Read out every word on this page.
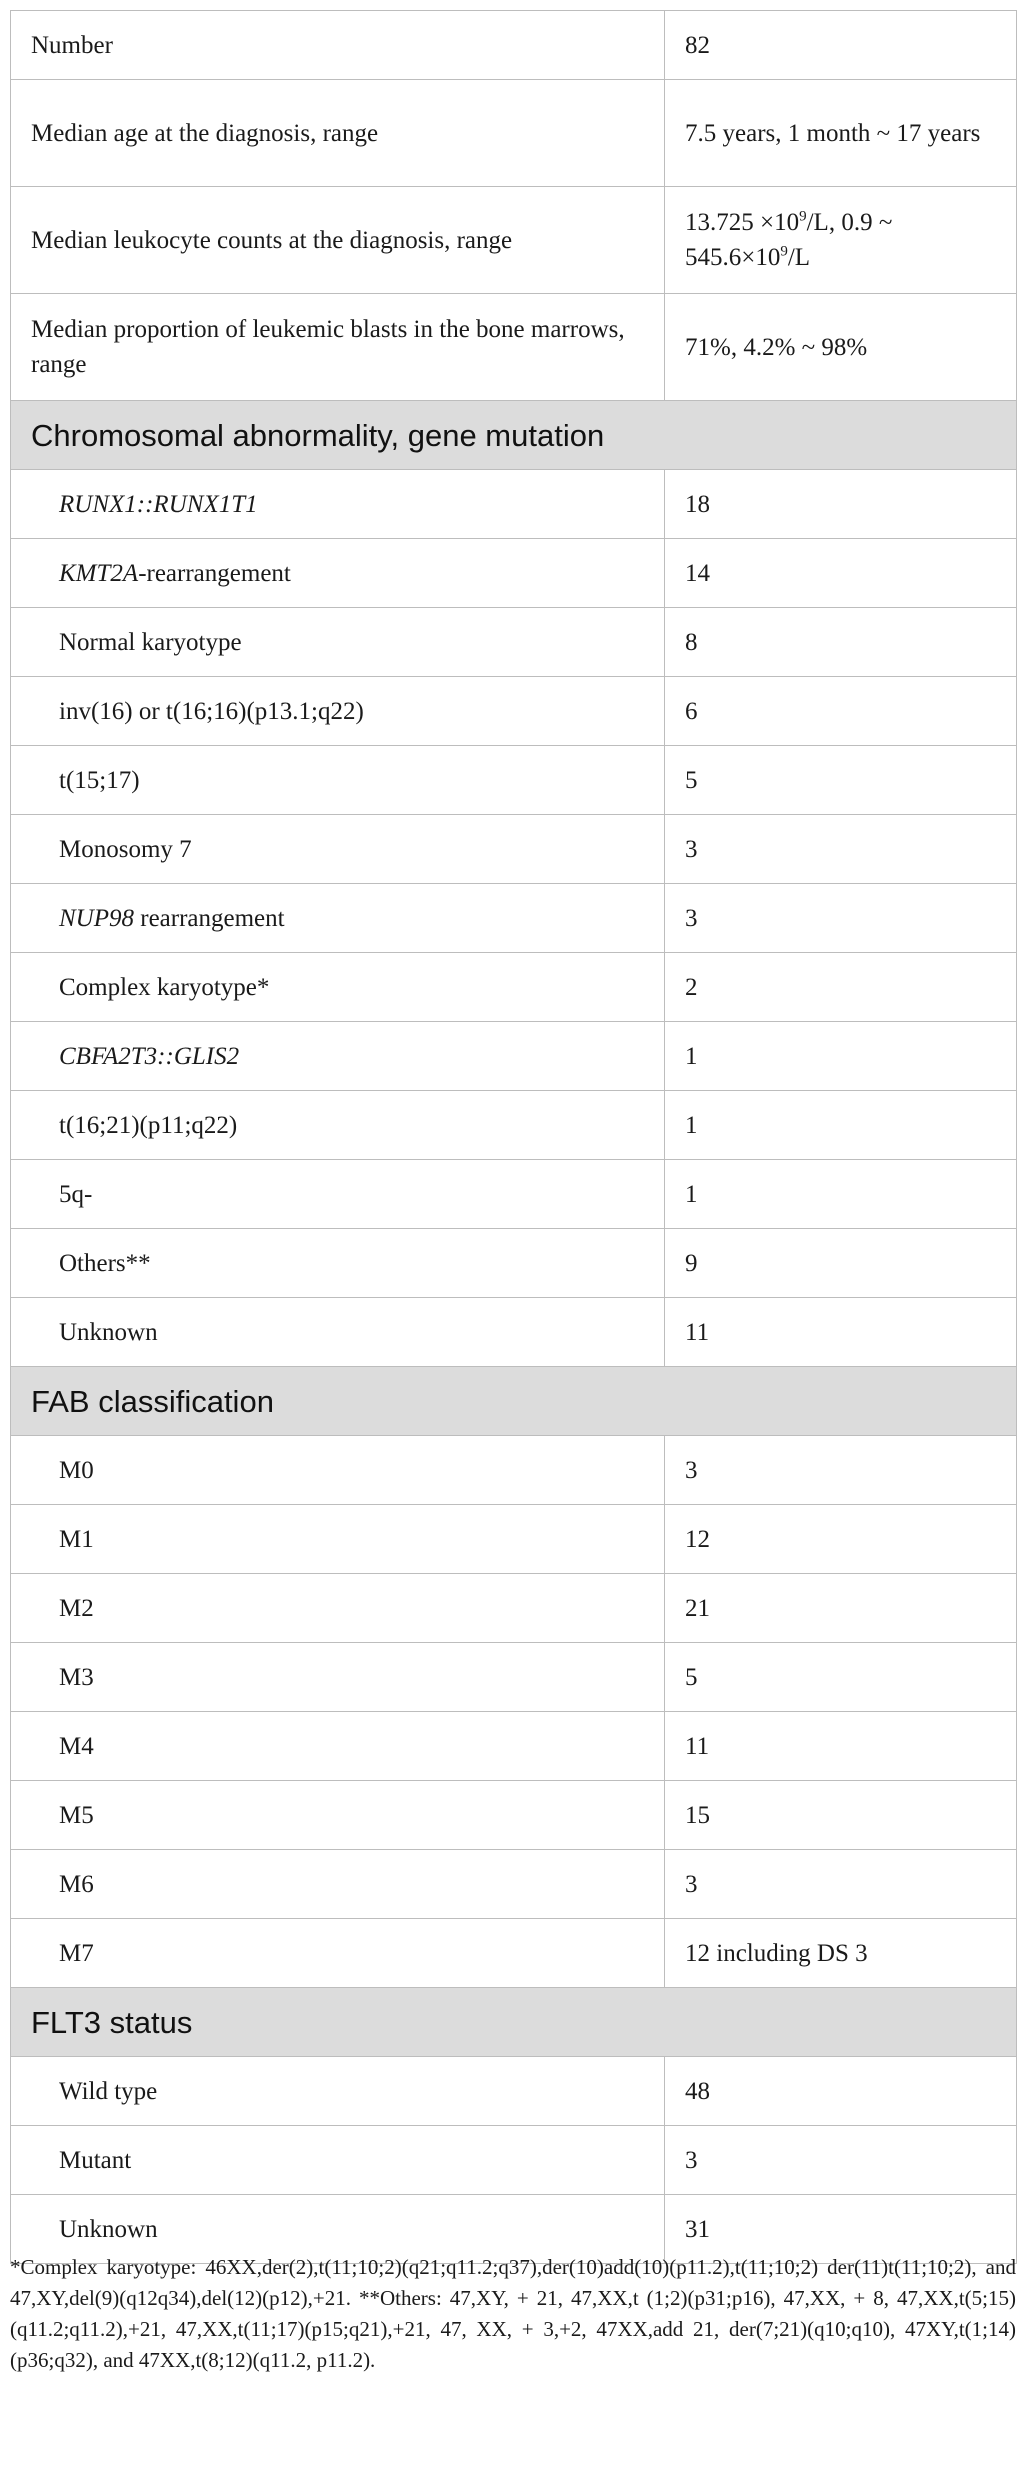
Number	82
Median age at the diagnosis, range	7.5 years, 1 month ~ 17 years
Median leukocyte counts at the diagnosis, range	$13.725 \times 10^9/L$, 0.9 ~ $545.6\times 10^9/L$
Median proportion of leukemic blasts in the bone marrows, range	71%, 4.2% ~ 98%
Chromosomal abnormality, gene mutation	
RUNX1::RUNX1T1	18
KMT2A-rearrangement	14
Normal karyotype	8
inv(16) or t(16;16)(p13.1;q22)	6
t(15;17)	5
Monosomy 7	3
NUP98 rearrangement	3
Complex karyotype*	2
CBFA2T3::GLIS2	1
t(16;21)(p11;q22)	1
5q-	1
Others**	9
Unknown	11
FAB classification	
M0	3
M1	12
M2	21
M3	5
M4	11
M5	15
M6	3
M7	12 including DS 3
FLT3 status	
Wild type	48
Mutant	3
Unknown	31

*Complex karyotype: 46XX,der(2),t(11;10;2)(q21;q11.2;q37),der(10)add(10)(p11.2),t(11;10;2) der(11)t(11;10;2), and 47,XY,del(9)(q12q34),del(12)(p12),+21. **Others: 47,XY, + 21, 47,XX,t (1;2)(p31;p16), 47,XX, + 8, 47,XX,t(5;15)(q11.2;q11.2),+21, 47,XX,t(11;17)(p15;q21),+21, 47, XX, + 3,+2, 47XX,add 21, der(7;21)(q10;q10), 47XY,t(1;14)(p36;q32), and 47XX,t(8;12)(q11.2, p11.2).
